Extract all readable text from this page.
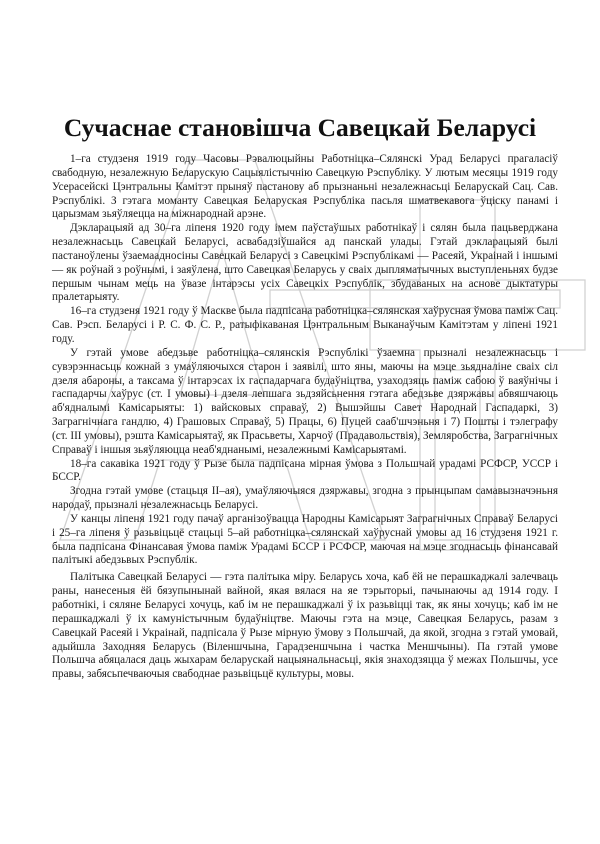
Сучаснае становішча Савецкай Беларусі

1–га студзеня 1919 году Часовы Рэвалюцыйны Работніцка–Сялянскі Урад Беларусі прагаласіў свабодную, незалежную Беларускую Сацыялістычнію Савецкую Рэспубліку. У лютым месяцы 1919 году Усерасейскі Цэнтральны Камітэт прыняў пастанову аб прызнаньні незалежнасьці Беларускай Сац. Сав. Рэспублікі. З гэтага моманту Савецкая Беларуская Рэспубліка пасьля шматвекавога ўціску панамі і царызмам зьяўляецца на міжнароднай арэне.

Дэкларацыяй ад 30–га ліпеня 1920 году імем паўстаўшых работнікаў і сялян была пацьверджана незалежнасьць Савецкай Беларусі, асвабадзіўшайся ад панскай улады. Гэтай дэкларацыяй былі пастаноўлены ўзаемаадносіны Савецкай Беларусі з Савецкімі Рэспублікамі — Расеяй, Украінай і іншымі — як роўнай з роўнымі, і заяўлена, што Савецкая Беларусь у сваіх дыпляматычных выступленьнях будзе першым чынам мець на ўвазе інтарэсы усіх Савецкіх Рэспублік, збудаваных на аснове дыктатуры пралетарыяту.

16–га студзеня 1921 году ў Маскве была падпісана работніцка–сялянская хаўрусная ўмова паміж Сац. Сав. Рэсп. Беларусі і Р. С. Ф. С. Р., ратыфікаваная Цэнтральным Выканаўчым Камітэтам у ліпені 1921 году.

У гэтай умове абедзьве работніцка–сялянскія Рэспублікі ўзаемна прызналі незалежнасьць і сувэрэннасьць кожнай з умаўляючыхся старон і заявілі, што яны, маючы на мэце зьядналіне сваіх сіл дзеля абароны, а таксама ў інтарэсах іх гаспадарчага будаўніцтва, узаходзяць паміж сабою ў ваяўнічы і гаспадарчы хаўрус (ст. I умовы) і дзеля лепшага зьдзяйсьнення гэтага абедзьве дзяржавы абвяшчаюць аб'ядналымі Камісарыяты: 1) вайсковых справаў, 2) Вышэйшы Савет Народнай Гаспадаркі, 3) Заграгнічнага гандлю, 4) Грашовых Справаў, 5) Працы, 6) Пуцей сааб'шчэньня і 7) Пошты і тэлеграфу (ст. III умовы), рэшта Камісарыятаў, як Прасьветы, Харчоў (Прадавольствія), Земляробства, Заграгнічных Справаў і іншыя зьяўляюцца неаб'яднанымі, незалежнымі Камісарыятамі.

18–га сакавіка 1921 году ў Рызе была падпісана мірная ўмова з Польшчай урадамі РСФСР, УССР і БССР.

Згодна гэтай умове (стацьця II–ая), умаўляючыяся дзяржавы, згодна з прынцыпам самавызначэньня народаў, прызналі незалежнасьць Беларусі.

У канцы ліпеня 1921 году пачаў арганізоўвацца Народны Камісарыят Заграгнічных Справаў Беларусі і 25–га ліпеня ў разьвіцьцё стацьці 5–ай работніцка–сялянскай хаўруснай умовы ад 16 студзеня 1921 г. была падпісана Фінансавая ўмова паміж Урадамі БССР і РСФСР, маючая на мэце згоднасьць фінансавай палітыкі абедзьвых Рэспублік.

Палітыка Савецкай Беларусі — гэта палітыка міру. Беларусь хоча, каб ёй не перашкаджалі залечваць раны, нанесеныя ёй бязупынынай вайной, якая вялася на яе тэрыторыі, пачынаючы ад 1914 году. І работнікі, і сяляне Беларусі хочуць, каб ім не перашкаджалі ў іх разьвіцці так, як яны хочуць; каб ім не перашкаджалі ў іх камуністычным будаўніцтве. Маючы гэта на мэце, Савецкая Беларусь, разам з Савецкай Расеяй і Украінай, падпісала ў Рызе мірную ўмову з Польшчай, да якой, згодна з гэтай умовай, адыйшла Заходняя Беларусь (Віленшчына, Гарадзеншчына і частка Меншчыны). Па гэтай умове Польшча абяцалася даць жыхарам беларускай нацыянальнасьці, якія знаходзяцца ў межах Польшчы, усе правы, забясьпечваючыя свабоднае разьвіцьцё культуры, мовы.
